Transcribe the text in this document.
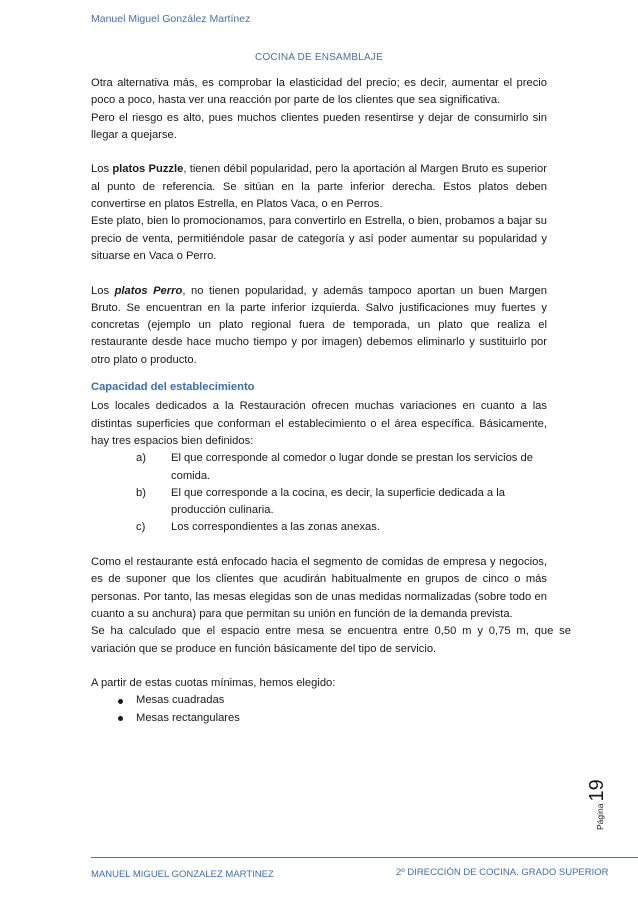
Manuel Miguel González Martínez
COCINA DE ENSAMBLAJE

Otra alternativa más, es comprobar la elasticidad del precio; es decir, aumentar el precio poco a poco, hasta ver una reacción por parte de los clientes que sea significativa.

Pero el riesgo es alto, pues muchos clientes pueden resentirse y dejar de consumirlo sin llegar a quejarse.

Los platos Puzzle, tienen débil popularidad, pero la aportación al Margen Bruto es superior al punto de referencia. Se sitúan en la parte inferior derecha. Estos platos deben convertirse en platos Estrella, en Platos Vaca, o en Perros.

Este plato, bien lo promocionamos, para convertirlo en Estrella, o bien, probamos a bajar su precio de venta, permitiéndole pasar de categoría y así poder aumentar su popularidad y situarse en Vaca o Perro.

Los platos Perro, no tienen popularidad, y además tampoco aportan un buen Margen Bruto. Se encuentran en la parte inferior izquierda. Salvo justificaciones muy fuertes y concretas (ejemplo un plato regional fuera de temporada, un plato que realiza el restaurante desde hace mucho tiempo y por imagen) debemos eliminarlo y sustituirlo por otro plato o producto.

Capacidad del establecimiento

Los locales dedicados a la Restauración ofrecen muchas variaciones en cuanto a las distintas superficies que conforman el establecimiento o el área específica. Básicamente, hay tres espacios bien definidos:

a)	El que corresponde al comedor o lugar donde se prestan los servicios de comida.
b)	El que corresponde a la cocina, es decir, la superficie dedicada a la producción culinaria.
c)	Los correspondientes a las zonas anexas.

Como el restaurante está enfocado hacia el segmento de comidas de empresa y negocios, es de suponer que los clientes que acudirán habitualmente en grupos de cinco o más personas. Por tanto, las mesas elegidas son de unas medidas normalizadas (sobre todo en cuanto a su anchura) para que permitan su unión en función de la demanda prevista.

Se ha calculado que el espacio entre mesa se encuentra entre 0,50 m y 0,75 m, que se variación que se produce en función básicamente del tipo de servicio.

A partir de estas cuotas mínimas, hemos elegido:

Mesas cuadradas
Mesas rectangulares
Página
19
MANUEL MIGUEL GONZALEZ MARTINEZ	2º DIRECCIÓN DE COCINA. GRADO SUPERIOR
